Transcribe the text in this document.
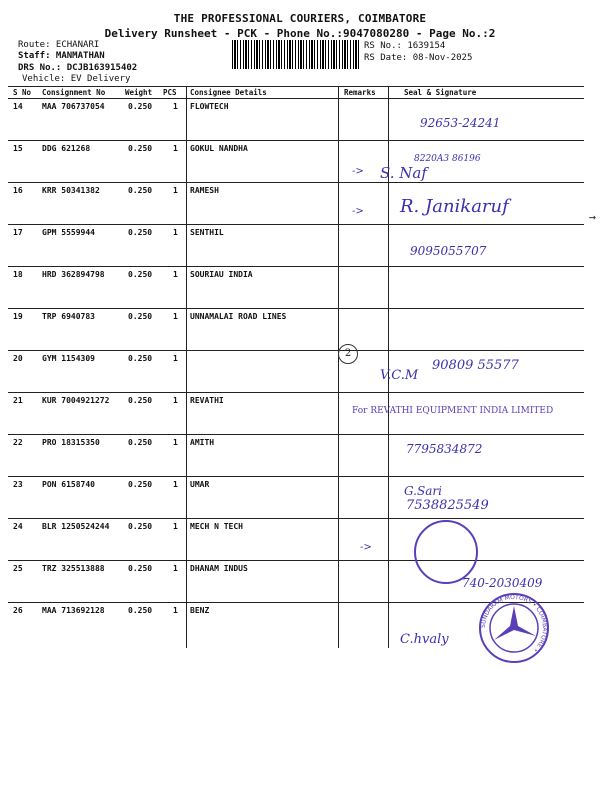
THE PROFESSIONAL COURIERS, COIMBATORE
Delivery Runsheet - PCK - Phone No.:9047080280 - Page No.:2
Route: ECHANARI
Staff: MANMATHAN
DRS No.: DCJB163915402
Vehicle: EV Delivery
RS No.: 1639154
RS Date: 08-Nov-2025
S No Consignment No	Weight PCS Consignee Details	Remarks	Seal & Signature
14 MAA 706737054	0.250	1 FLOWTECH
15 DDG 621268	0.250	1 GOKUL NANDHA
16 KRR 50341382	0.250	1 RAMESH
17 GPM 5559944	0.250	1 SENTHIL
18 HRD 362894798	0.250	1 SOURIAU INDIA
19 TRP 6940783	0.250	1 UNNAMALAI ROAD LINES
20 GYM 1154309	0.250	1
21 KUR 7004921272 0.250	1 REVATHI
22 PRO 18315350	0.250	1 AMITH
23 PON 6158740	0.250	1 UMAR
24 BLR 1250524244 0.250	1 MECH N TECH
25 TRZ 325513888	0.250	1 DHANAM INDUS
26 MAA 713692128	0.250	1 BENZ
92653-24241
8220A3 86196
-> S. Naf
-> R. Janikaruf
9095055707
2
V.C.M
90809 55577
For REVATHI EQUIPMENT INDIA LIMITED
7795834872
G.Sari
7538825549
->
740-2030409
C.hvaly
SUNDARAM MOTORS • COIMBATORE •
→
